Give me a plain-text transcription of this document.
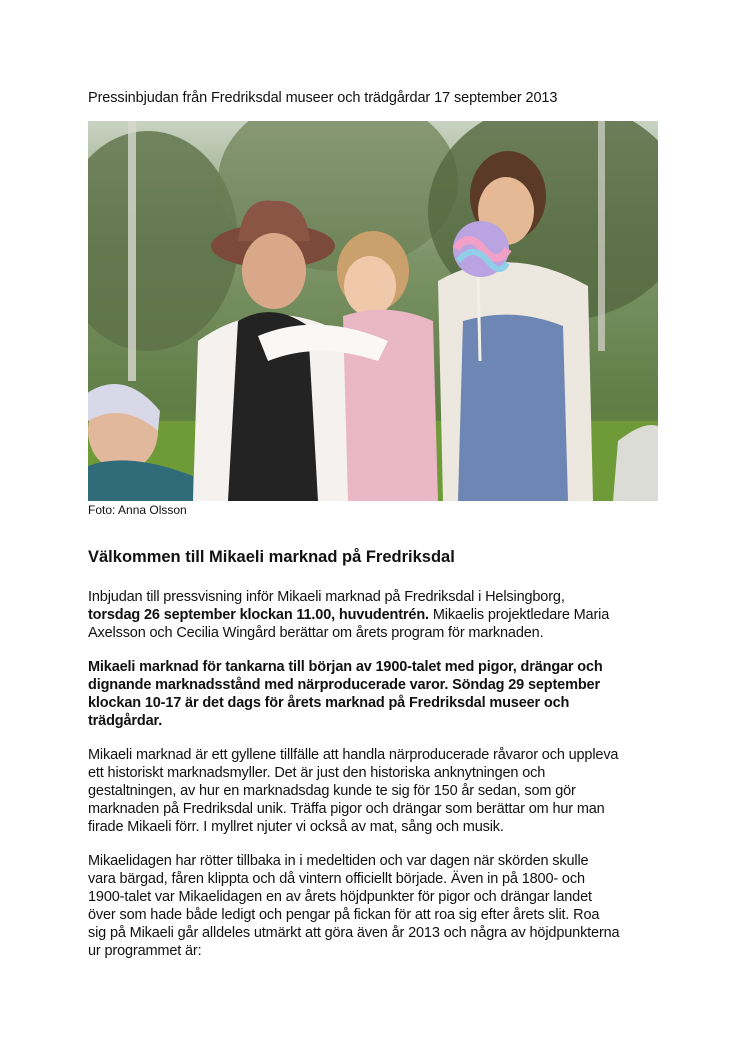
Pressinbjudan från Fredriksdal museer och trädgårdar 17 september 2013
Foto: Anna Olsson
Välkommen till Mikaeli marknad på Fredriksdal

Inbjudan till pressvisning inför Mikaeli marknad på Fredriksdal i Helsingborg,
torsdag 26 september klockan 11.00, huvudentrén. Mikaelis projektledare Maria
Axelsson och Cecilia Wingård berättar om årets program för marknaden.

Mikaeli marknad för tankarna till början av 1900-talet med pigor, drängar och
dignande marknadsstånd med närproducerade varor. Söndag 29 september
klockan 10-17 är det dags för årets marknad på Fredriksdal museer och
trädgårdar.

Mikaeli marknad är ett gyllene tillfälle att handla närproducerade råvaror och uppleva
ett historiskt marknadsmyller. Det är just den historiska anknytningen och
gestaltningen, av hur en marknadsdag kunde te sig för 150 år sedan, som gör
marknaden på Fredriksdal unik. Träffa pigor och drängar som berättar om hur man
firade Mikaeli förr. I myllret njuter vi också av mat, sång och musik.

Mikaelidagen har rötter tillbaka in i medeltiden och var dagen när skörden skulle
vara bärgad, fåren klippta och då vintern officiellt började. Även in på 1800- och
1900-talet var Mikaelidagen en av årets höjdpunkter för pigor och drängar landet
över som hade både ledigt och pengar på fickan för att roa sig efter årets slit. Roa
sig på Mikaeli går alldeles utmärkt att göra även år 2013 och några av höjdpunkterna
ur programmet är:
